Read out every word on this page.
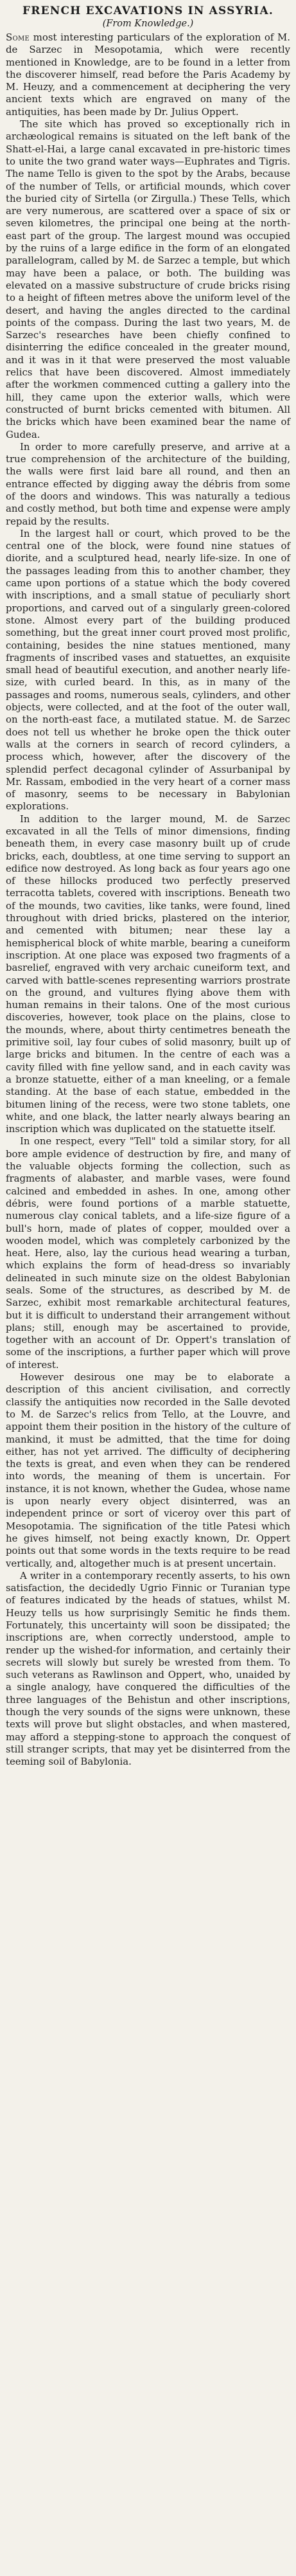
FRENCH EXCAVATIONS IN ASSYRIA.
(From Knowledge.)

Some most interesting particulars of the exploration of M. de Sarzec in Mesopotamia, which were recently mentioned in Knowledge, are to be found in a letter from the discoverer himself, read before the Paris Academy by M. Heuzy, and a commencement at deciphering the very ancient texts which are engraved on many of the antiquities, has been made by Dr. Julius Oppert.

The site which has proved so exceptionally rich in archæological remains is situated on the left bank of the Shatt-el-Hai, a large canal excavated in pre-historic times to unite the two grand water ways—Euphrates and Tigris. The name Tello is given to the spot by the Arabs, because of the number of Tells, or artificial mounds, which cover the buried city of Sirtella (or Zirgulla.) These Tells, which are very numerous, are scattered over a space of six or seven kilometres, the principal one being at the north-east part of the group. The largest mound was occupied by the ruins of a large edifice in the form of an elongated parallelogram, called by M. de Sarzec a temple, but which may have been a palace, or both. The building was elevated on a massive substructure of crude bricks rising to a height of fifteen metres above the uniform level of the desert, and having the angles directed to the cardinal points of the compass. During the last two years, M. de Sarzec's researches have been chiefly confined to disinterring the edifice concealed in the greater mound, and it was in it that were preserved the most valuable relics that have been discovered. Almost immediately after the workmen commenced cutting a gallery into the hill, they came upon the exterior walls, which were constructed of burnt bricks cemented with bitumen. All the bricks which have been examined bear the name of Gudea.

In order to more carefully preserve, and arrive at a true comprehension of the architecture of the building, the walls were first laid bare all round, and then an entrance effected by digging away the débris from some of the doors and windows. This was naturally a tedious and costly method, but both time and expense were amply repaid by the results.

In the largest hall or court, which proved to be the central one of the block, were found nine statues of diorite, and a sculptured head, nearly life-size. In one of the passages leading from this to another chamber, they came upon portions of a statue which the body covered with inscriptions, and a small statue of peculiarly short proportions, and carved out of a singularly green-colored stone. Almost every part of the building produced something, but the great inner court proved most prolific, containing, besides the nine statues mentioned, many fragments of inscribed vases and statuettes, an exquisite small head of beautiful execution, and another nearly life-size, with curled beard. In this, as in many of the passages and rooms, numerous seals, cylinders, and other objects, were collected, and at the foot of the outer wall, on the north-east face, a mutilated statue. M. de Sarzec does not tell us whether he broke open the thick outer walls at the corners in search of record cylinders, a process which, however, after the discovery of the splendid perfect decagonal cylinder of Assurbanipal by Mr. Rassam, embodied in the very heart of a corner mass of masonry, seems to be necessary in Babylonian explorations.

In addition to the larger mound, M. de Sarzec excavated in all the Tells of minor dimensions, finding beneath them, in every case masonry built up of crude bricks, each, doubtless, at one time serving to support an edifice now destroyed. As long back as four years ago one of these hillocks produced two perfectly preserved terracotta tablets, covered with inscriptions. Beneath two of the mounds, two cavities, like tanks, were found, lined throughout with dried bricks, plastered on the interior, and cemented with bitumen; near these lay a hemispherical block of white marble, bearing a cuneiform inscription. At one place was exposed two fragments of a basrelief, engraved with very archaic cuneiform text, and carved with battle-scenes representing warriors prostrate on the ground, and vultures flying above them with human remains in their talons. One of the most curious discoveries, however, took place on the plains, close to the mounds, where, about thirty centimetres beneath the primitive soil, lay four cubes of solid masonry, built up of large bricks and bitumen. In the centre of each was a cavity filled with fine yellow sand, and in each cavity was a bronze statuette, either of a man kneeling, or a female standing. At the base of each statue, embedded in the bitumen lining of the recess, were two stone tablets, one white, and one black, the latter nearly always bearing an inscription which was duplicated on the statuette itself.

In one respect, every "Tell" told a similar story, for all bore ample evidence of destruction by fire, and many of the valuable objects forming the collection, such as fragments of alabaster, and marble vases, were found calcined and embedded in ashes. In one, among other débris, were found portions of a marble statuette, numerous clay conical tablets, and a life-size figure of a bull's horn, made of plates of copper, moulded over a wooden model, which was completely carbonized by the heat. Here, also, lay the curious head wearing a turban, which explains the form of head-dress so invariably delineated in such minute size on the oldest Babylonian seals. Some of the structures, as described by M. de Sarzec, exhibit most remarkable architectural features, but it is difficult to understand their arrangement without plans; still, enough may be ascertained to provide, together with an account of Dr. Oppert's translation of some of the inscriptions, a further paper which will prove of interest.

However desirous one may be to elaborate a description of this ancient civilisation, and correctly classify the antiquities now recorded in the Salle devoted to M. de Sarzec's relics from Tello, at the Louvre, and appoint them their position in the history of the culture of mankind, it must be admitted, that the time for doing either, has not yet arrived. The difficulty of deciphering the texts is great, and even when they can be rendered into words, the meaning of them is uncertain. For instance, it is not known, whether the Gudea, whose name is upon nearly every object disinterred, was an independent prince or sort of viceroy over this part of Mesopotamia. The signification of the title Patesi which he gives himself, not being exactly known, Dr. Oppert points out that some words in the texts require to be read vertically, and, altogether much is at present uncertain.

A writer in a contemporary recently asserts, to his own satisfaction, the decidedly Ugrio Finnic or Turanian type of features indicated by the heads of statues, whilst M. Heuzy tells us how surprisingly Semitic he finds them. Fortunately, this uncertainty will soon be dissipated; the inscriptions are, when correctly understood, ample to render up the wished-for information, and certainly their secrets will slowly but surely be wrested from them. To such veterans as Rawlinson and Oppert, who, unaided by a single analogy, have conquered the difficulties of the three languages of the Behistun and other inscriptions, though the very sounds of the signs were unknown, these texts will prove but slight obstacles, and when mastered, may afford a stepping-stone to approach the conquest of still stranger scripts, that may yet be disinterred from the teeming soil of Babylonia.
